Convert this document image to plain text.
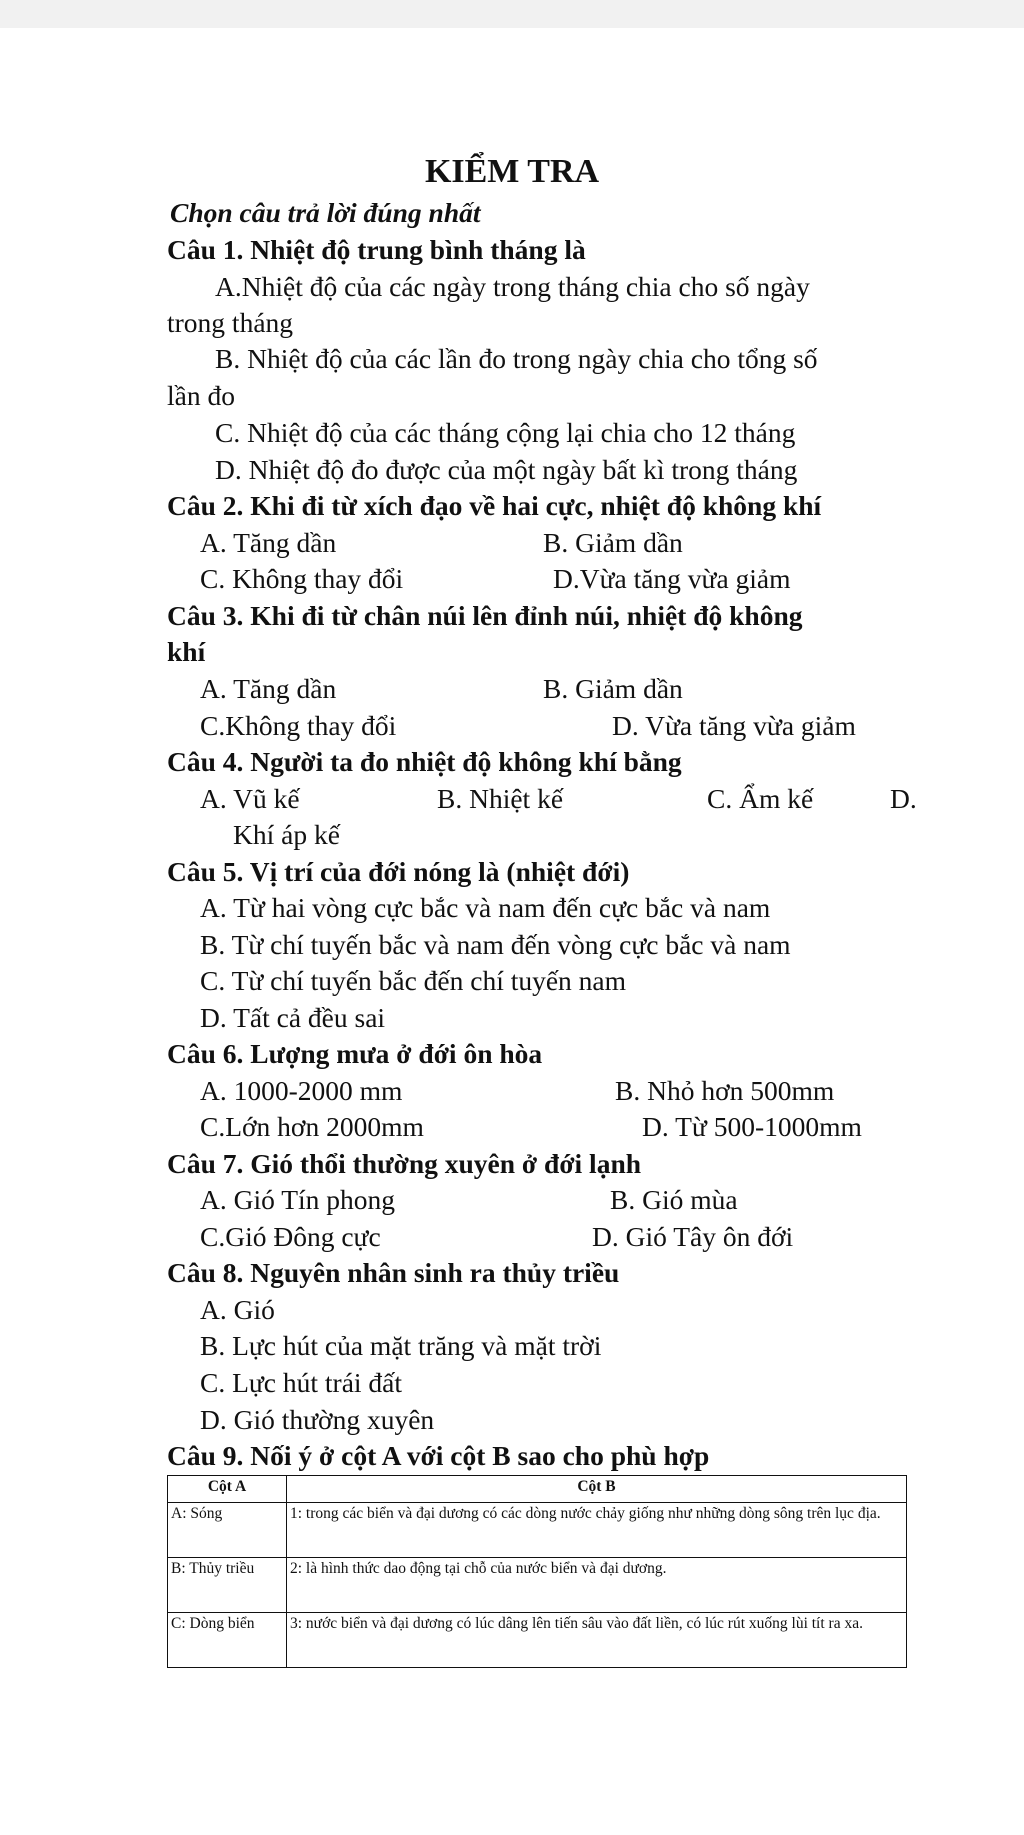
KIỂM TRA
Chọn câu trả lời đúng nhất
Câu 1. Nhiệt độ trung bình tháng là
A.Nhiệt độ của các ngày trong tháng chia cho số ngày
trong tháng
B. Nhiệt độ của các lần đo trong ngày chia cho tổng số
lần đo
C. Nhiệt độ của các tháng cộng lại chia cho 12 tháng
D. Nhiệt độ đo được của một ngày bất kì trong tháng
Câu 2. Khi đi từ xích đạo về hai cực, nhiệt độ không khí
A. Tăng dần	B. Giảm dần
C. Không thay đổi	D.Vừa tăng vừa giảm
Câu 3. Khi đi từ chân núi lên đỉnh núi, nhiệt độ không
khí
A. Tăng dần	B. Giảm dần
C.Không thay đổi	D. Vừa tăng vừa giảm
Câu 4. Người ta đo nhiệt độ không khí bằng
A. Vũ kế	B. Nhiệt kế	C. Ẩm kế	D.
Khí áp kế
Câu 5. Vị trí của đới nóng là (nhiệt đới)
A. Từ hai vòng cực bắc và nam đến cực bắc và nam
B. Từ chí tuyến bắc và nam đến vòng cực bắc và nam
C. Từ chí tuyến bắc đến chí tuyến nam
D. Tất cả đều sai
Câu 6. Lượng mưa ở đới ôn hòa
A. 1000-2000 mm	B. Nhỏ hơn 500mm
C.Lớn hơn 2000mm	D. Từ 500-1000mm
Câu 7. Gió thổi thường xuyên ở đới lạnh
A. Gió Tín phong	B. Gió mùa
C.Gió Đông cực	D. Gió Tây ôn đới
Câu 8. Nguyên nhân sinh ra thủy triều
A. Gió
B. Lực hút của mặt trăng và mặt trời
C. Lực hút trái đất
D. Gió thường xuyên
Câu 9. Nối ý ở cột A với cột B sao cho phù hợp
Cột A	Cột B
A: Sóng	1: trong các biển và đại dương có các dòng nước chảy giống như những dòng sông trên lục địa.
B: Thủy triều	2: là hình thức dao động tại chỗ của nước biển và đại dương.
C: Dòng biển	3: nước biển và đại dương có lúc dâng lên tiến sâu vào đất liền, có lúc rút xuống lùi tít ra xa.
